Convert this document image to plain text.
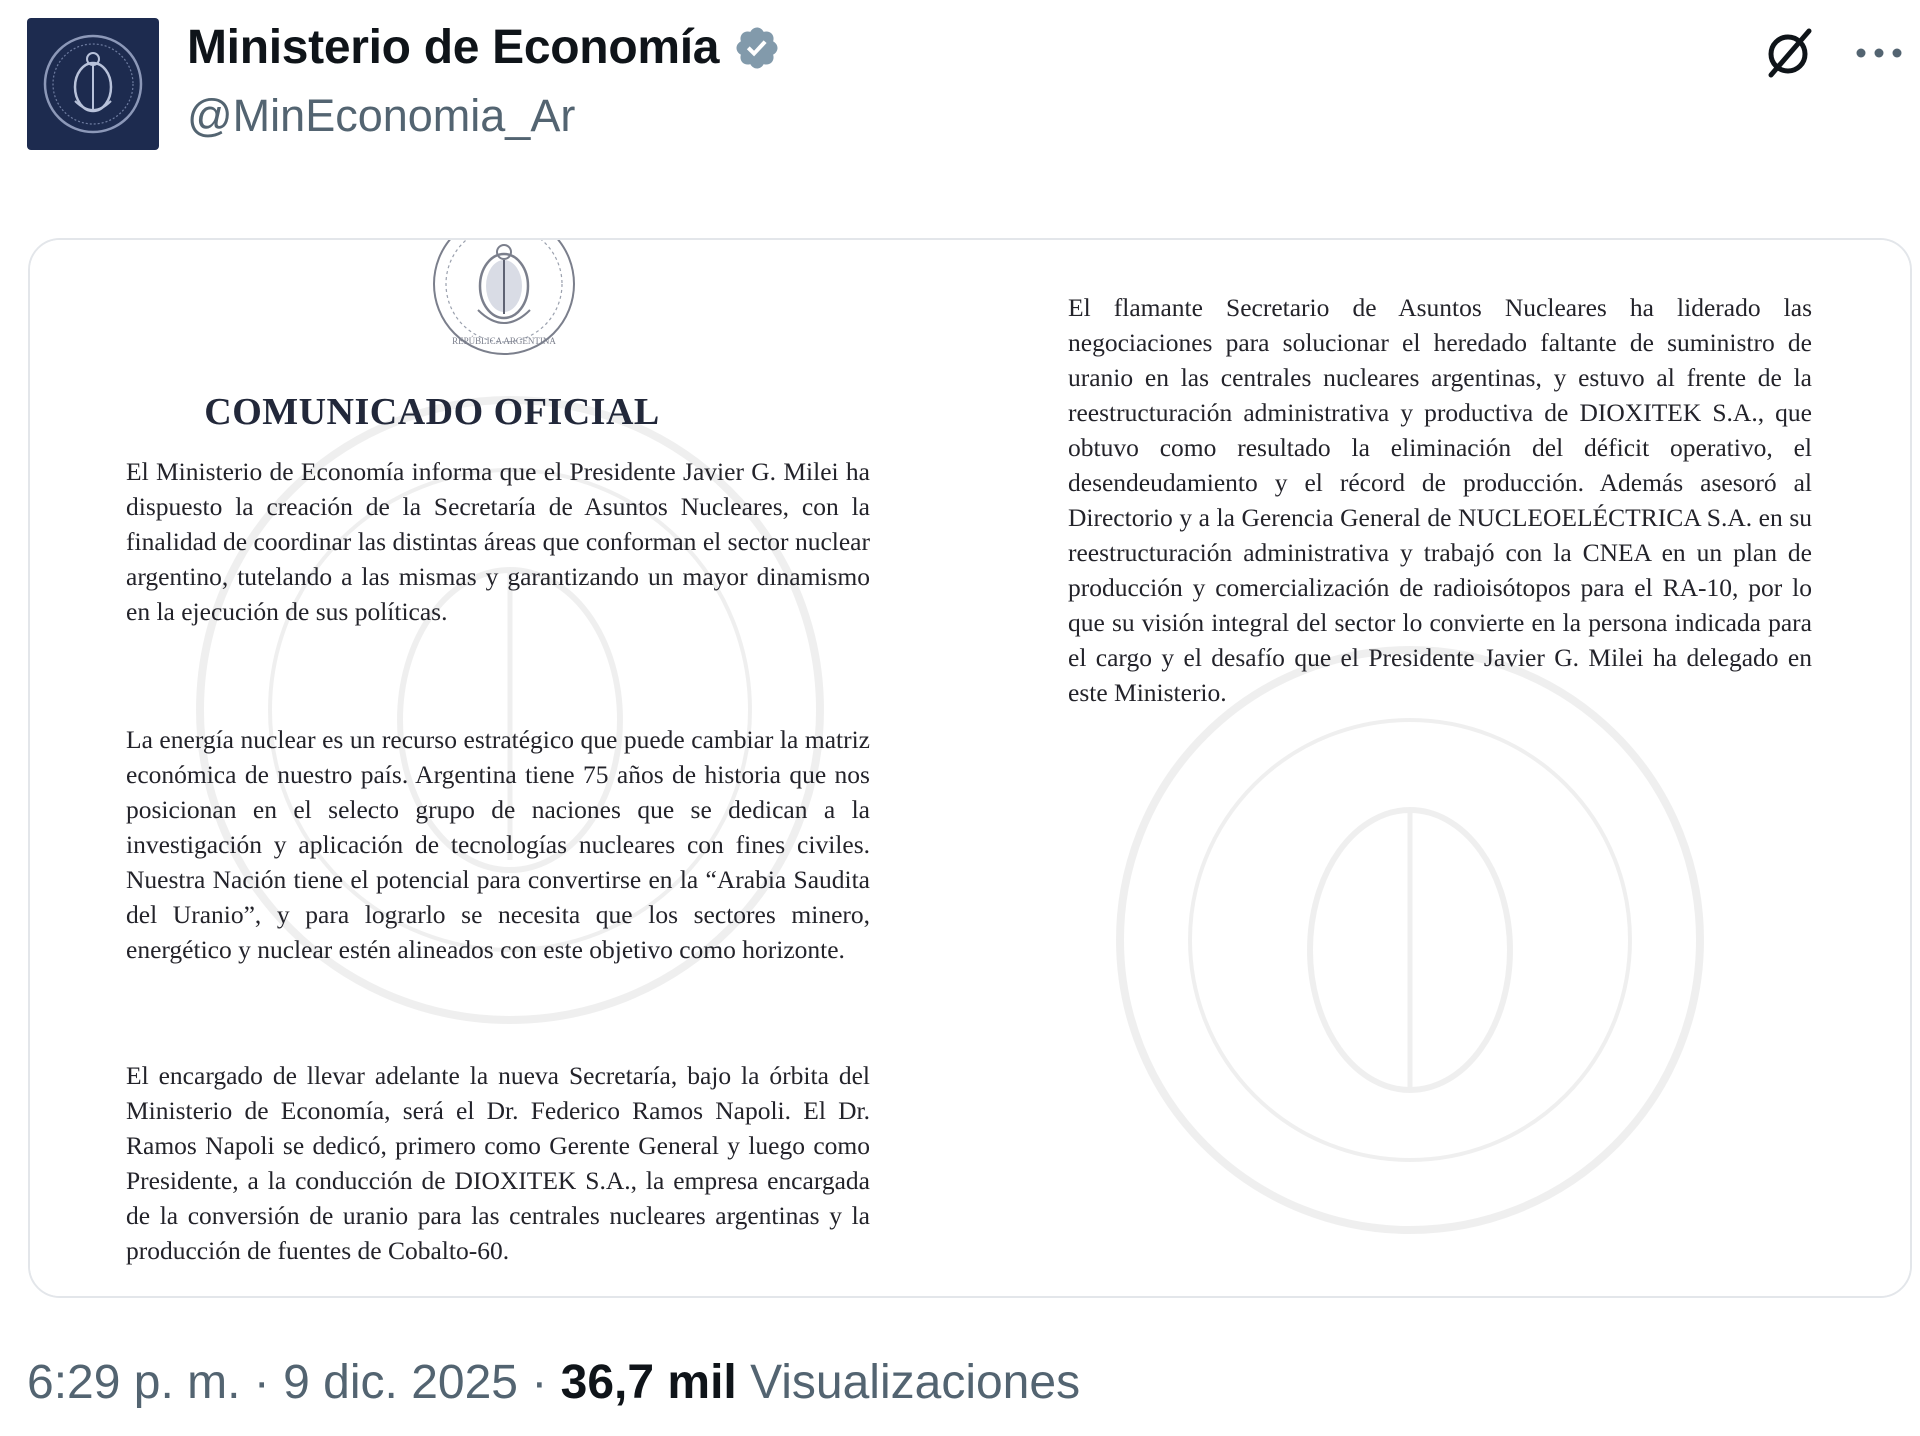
Ministerio de Economía
@MinEconomia_Ar
REPÚBLICA ARGENTINA
COMUNICADO OFICIAL

El Ministerio de Economía informa que el Presidente Javier G. Milei ha dispuesto la creación de la Secretaría de Asuntos Nucleares, con la finalidad de coordinar las distintas áreas que conforman el sector nuclear argentino, tutelando a las mismas y garantizando un mayor dinamismo en la ejecución de sus políticas.

La energía nuclear es un recurso estratégico que puede cambiar la matriz económica de nuestro país. Argentina tiene 75 años de historia que nos posicionan en el selecto grupo de naciones que se dedican a la investigación y aplicación de tecnologías nucleares con fines civiles. Nuestra Nación tiene el potencial para convertirse en la “Arabia Saudita del Uranio”, y para lograrlo se necesita que los sectores minero, energético y nuclear estén alineados con este objetivo como horizonte.

El encargado de llevar adelante la nueva Secretaría, bajo la órbita del Ministerio de Economía, será el Dr. Federico Ramos Napoli. El Dr. Ramos Napoli se dedicó, primero como Gerente General y luego como Presidente, a la conducción de DIOXITEK S.A., la empresa encargada de la conversión de uranio para las centrales nucleares argentinas y la producción de fuentes de Cobalto-60.

El flamante Secretario de Asuntos Nucleares ha liderado las negociaciones para solucionar el heredado faltante de suministro de uranio en las centrales nucleares argentinas, y estuvo al frente de la reestructuración administrativa y productiva de DIOXITEK S.A., que obtuvo como resultado la eliminación del déficit operativo, el desendeudamiento y el récord de producción. Además asesoró al Directorio y a la Gerencia General de NUCLEOELÉCTRICA S.A. en su reestructuración administrativa y trabajó con la CNEA en un plan de producción y comercialización de radioisótopos para el RA-10, por lo que su visión integral del sector lo convierte en la persona indicada para el cargo y el desafío que el Presidente Javier G. Milei ha delegado en este Ministerio.

6:29 p. m. · 9 dic. 2025 · 36,7 mil Visualizaciones
